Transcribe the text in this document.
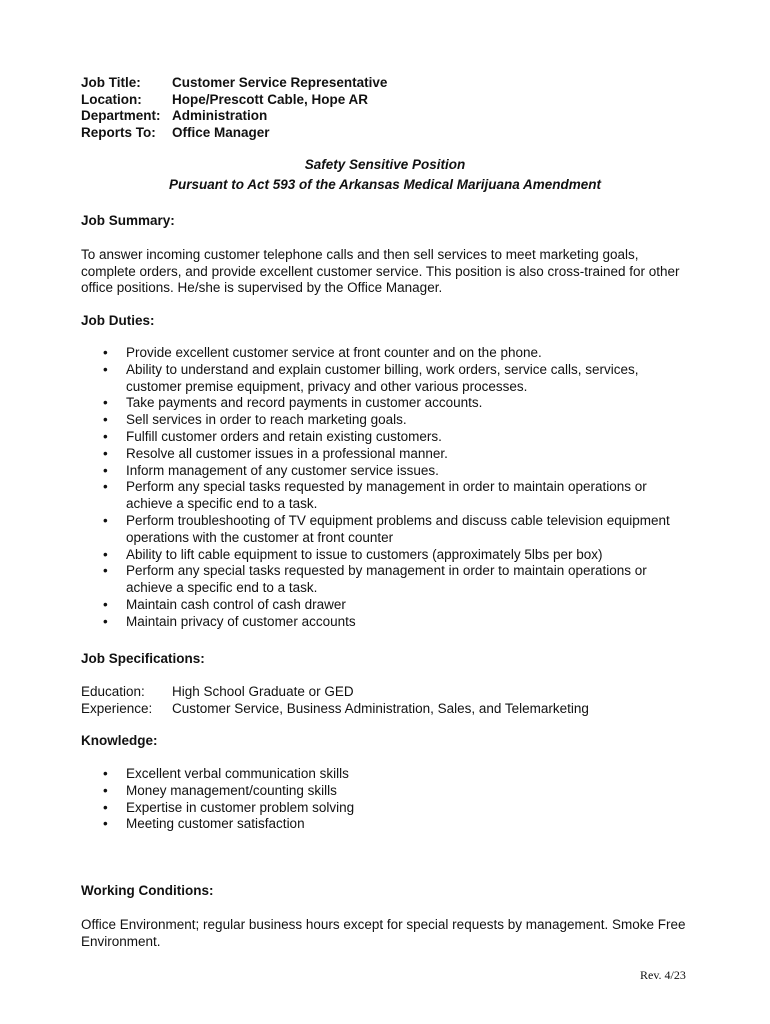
Job Title:	Customer Service Representative
Location:	Hope/Prescott Cable, Hope AR
Department: Administration
Reports To:	Office Manager
Safety Sensitive Position
Pursuant to Act 593 of the Arkansas Medical Marijuana Amendment
Job Summary:
To answer incoming customer telephone calls and then sell services to meet marketing goals, complete orders, and provide excellent customer service. This position is also cross-trained for other office positions. He/she is supervised by the Office Manager.
Job Duties:
• Provide excellent customer service at front counter and on the phone.
• Ability to understand and explain customer billing, work orders, service calls, services, customer premise equipment, privacy and other various processes.
• Take payments and record payments in customer accounts.
• Sell services in order to reach marketing goals.
• Fulfill customer orders and retain existing customers.
• Resolve all customer issues in a professional manner.
• Inform management of any customer service issues.
• Perform any special tasks requested by management in order to maintain operations or achieve a specific end to a task.
• Perform troubleshooting of TV equipment problems and discuss cable television equipment operations with the customer at front counter
• Ability to lift cable equipment to issue to customers (approximately 5lbs per box)
• Perform any special tasks requested by management in order to maintain operations or achieve a specific end to a task.
• Maintain cash control of cash drawer
• Maintain privacy of customer accounts
Job Specifications:
Education:	High School Graduate or GED
Experience:	Customer Service, Business Administration, Sales, and Telemarketing
Knowledge:
• Excellent verbal communication skills
• Money management/counting skills
• Expertise in customer problem solving
• Meeting customer satisfaction
Working Conditions:
Office Environment; regular business hours except for special requests by management. Smoke Free Environment.
Rev. 4/23
